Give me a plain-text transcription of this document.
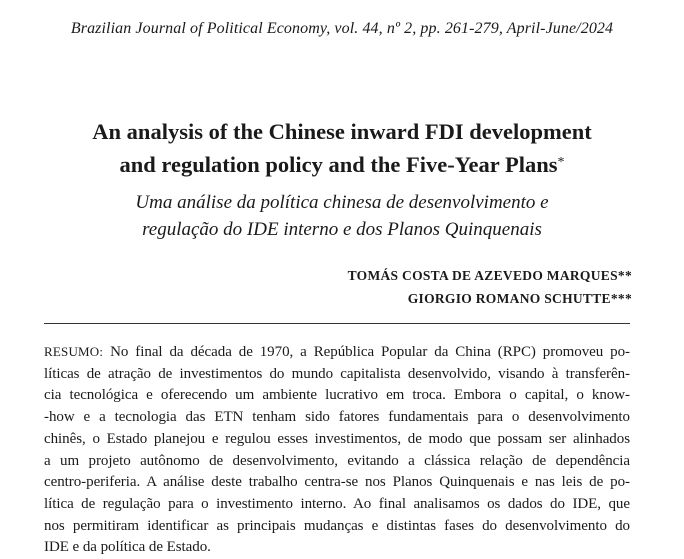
Brazilian Journal of Political Economy, vol. 44, nº 2, pp. 261-279, April-June/2024
An analysis of the Chinese inward FDI development
and regulation policy and the Five-Year Plans*
Uma análise da política chinesa de desenvolvimento e
regulação do IDE interno e dos Planos Quinquenais
TOMÁS COSTA DE AZEVEDO MARQUES**
GIORGIO ROMANO SCHUTTE***
RESUMO: No final da década de 1970, a República Popular da China (RPC) promoveu po-
líticas de atração de investimentos do mundo capitalista desenvolvido, visando à transferên-
cia tecnológica e oferecendo um ambiente lucrativo em troca. Embora o capital, o know-
-how e a tecnologia das ETN tenham sido fatores fundamentais para o desenvolvimento
chinês, o Estado planejou e regulou esses investimentos, de modo que possam ser alinhados
a um projeto autônomo de desenvolvimento, evitando a clássica relação de dependência
centro-periferia. A análise deste trabalho centra-se nos Planos Quinquenais e nas leis de po-
lítica de regulação para o investimento interno. Ao final analisamos os dados do IDE, que
nos permitiram identificar as principais mudanças e distintas fases do desenvolvimento do
IDE e da política de Estado.
